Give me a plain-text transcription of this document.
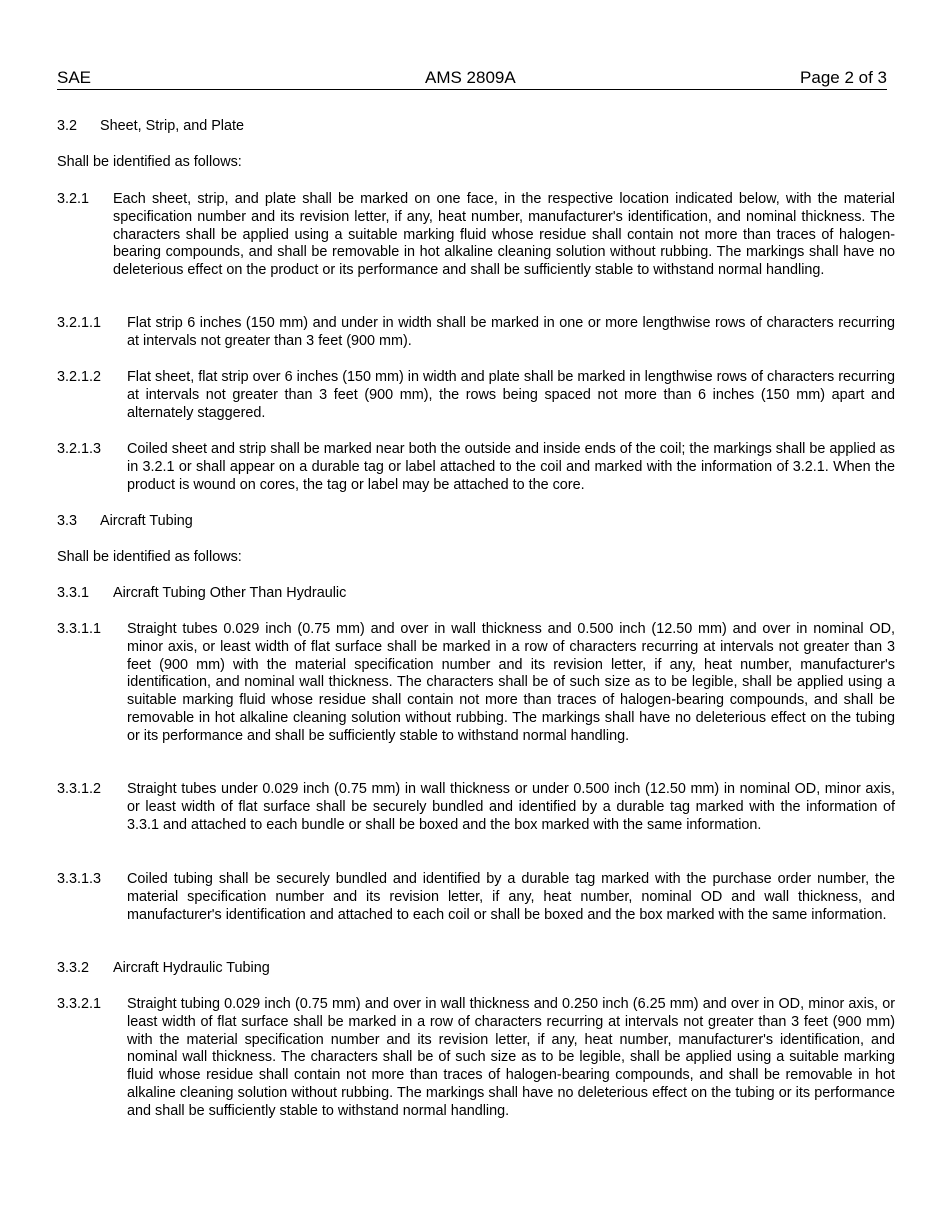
SAE	AMS 2809A	Page 2 of 3
3.2 Sheet, Strip, and Plate
Shall be identified as follows:
3.2.1 Each sheet, strip, and plate shall be marked on one face, in the respective location indicated below, with the material specification number and its revision letter, if any, heat number, manufacturer's identification, and nominal thickness. The characters shall be applied using a suitable marking fluid whose residue shall contain not more than traces of halogen-bearing compounds, and shall be removable in hot alkaline cleaning solution without rubbing. The markings shall have no deleterious effect on the product or its performance and shall be sufficiently stable to withstand normal handling.
3.2.1.1 Flat strip 6 inches (150 mm) and under in width shall be marked in one or more lengthwise rows of characters recurring at intervals not greater than 3 feet (900 mm).
3.2.1.2 Flat sheet, flat strip over 6 inches (150 mm) in width and plate shall be marked in lengthwise rows of characters recurring at intervals not greater than 3 feet (900 mm), the rows being spaced not more than 6 inches (150 mm) apart and alternately staggered.
3.2.1.3 Coiled sheet and strip shall be marked near both the outside and inside ends of the coil; the markings shall be applied as in 3.2.1 or shall appear on a durable tag or label attached to the coil and marked with the information of 3.2.1. When the product is wound on cores, the tag or label may be attached to the core.
3.3 Aircraft Tubing
Shall be identified as follows:
3.3.1 Aircraft Tubing Other Than Hydraulic
3.3.1.1 Straight tubes 0.029 inch (0.75 mm) and over in wall thickness and 0.500 inch (12.50 mm) and over in nominal OD, minor axis, or least width of flat surface shall be marked in a row of characters recurring at intervals not greater than 3 feet (900 mm) with the material specification number and its revision letter, if any, heat number, manufacturer's identification, and nominal wall thickness. The characters shall be of such size as to be legible, shall be applied using a suitable marking fluid whose residue shall contain not more than traces of halogen-bearing compounds, and shall be removable in hot alkaline cleaning solution without rubbing. The markings shall have no deleterious effect on the tubing or its performance and shall be sufficiently stable to withstand normal handling.
3.3.1.2 Straight tubes under 0.029 inch (0.75 mm) in wall thickness or under 0.500 inch (12.50 mm) in nominal OD, minor axis, or least width of flat surface shall be securely bundled and identified by a durable tag marked with the information of 3.3.1 and attached to each bundle or shall be boxed and the box marked with the same information.
3.3.1.3 Coiled tubing shall be securely bundled and identified by a durable tag marked with the purchase order number, the material specification number and its revision letter, if any, heat number, nominal OD and wall thickness, and manufacturer's identification and attached to each coil or shall be boxed and the box marked with the same information.
3.3.2 Aircraft Hydraulic Tubing
3.3.2.1 Straight tubing 0.029 inch (0.75 mm) and over in wall thickness and 0.250 inch (6.25 mm) and over in OD, minor axis, or least width of flat surface shall be marked in a row of characters recurring at intervals not greater than 3 feet (900 mm) with the material specification number and its revision letter, if any, heat number, manufacturer's identification, and nominal wall thickness. The characters shall be of such size as to be legible, shall be applied using a suitable marking fluid whose residue shall contain not more than traces of halogen-bearing compounds, and shall be removable in hot alkaline cleaning solution without rubbing. The markings shall have no deleterious effect on the tubing or its performance and shall be sufficiently stable to withstand normal handling.
